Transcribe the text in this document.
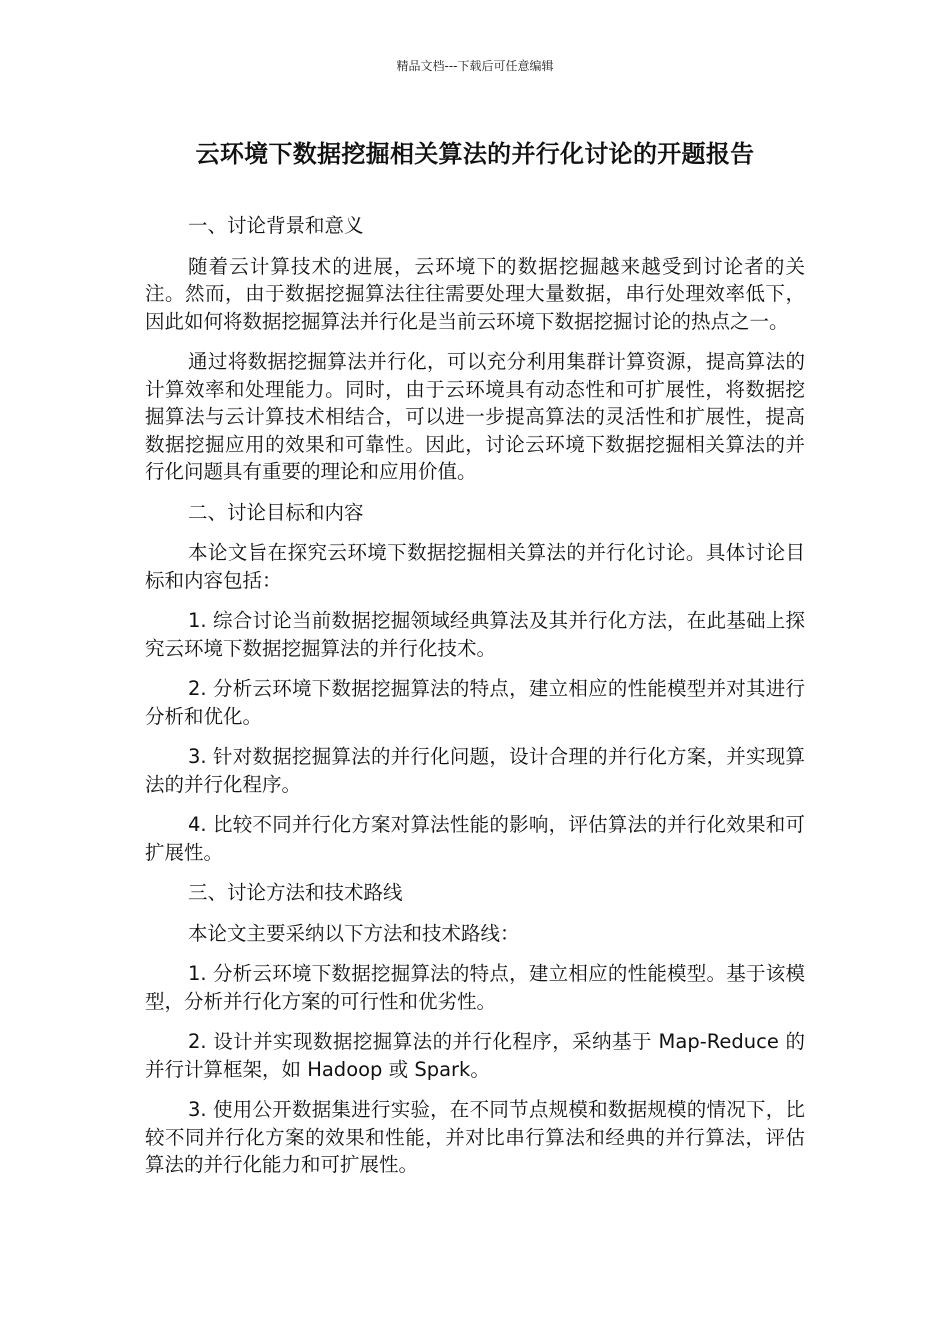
精品文档---下载后可任意编辑
云环境下数据挖掘相关算法的并行化讨论的开题报告
一、讨论背景和意义

随着云计算技术的进展，云环境下的数据挖掘越来越受到讨论者的关注。然而，由于数据挖掘算法往往需要处理大量数据，串行处理效率低下，因此如何将数据挖掘算法并行化是当前云环境下数据挖掘讨论的热点之一。

通过将数据挖掘算法并行化，可以充分利用集群计算资源，提高算法的计算效率和处理能力。同时，由于云环境具有动态性和可扩展性，将数据挖掘算法与云计算技术相结合，可以进一步提高算法的灵活性和扩展性，提高数据挖掘应用的效果和可靠性。因此，讨论云环境下数据挖掘相关算法的并行化问题具有重要的理论和应用价值。

二、讨论目标和内容

本论文旨在探究云环境下数据挖掘相关算法的并行化讨论。具体讨论目标和内容包括：

1. 综合讨论当前数据挖掘领域经典算法及其并行化方法，在此基础上探究云环境下数据挖掘算法的并行化技术。

2. 分析云环境下数据挖掘算法的特点，建立相应的性能模型并对其进行分析和优化。

3. 针对数据挖掘算法的并行化问题，设计合理的并行化方案，并实现算法的并行化程序。

4. 比较不同并行化方案对算法性能的影响，评估算法的并行化效果和可扩展性。

三、讨论方法和技术路线

本论文主要采纳以下方法和技术路线：

1. 分析云环境下数据挖掘算法的特点，建立相应的性能模型。基于该模型，分析并行化方案的可行性和优劣性。

2. 设计并实现数据挖掘算法的并行化程序，采纳基于 Map-Reduce 的并行计算框架，如 Hadoop 或 Spark。

3. 使用公开数据集进行实验，在不同节点规模和数据规模的情况下，比较不同并行化方案的效果和性能，并对比串行算法和经典的并行算法，评估算法的并行化能力和可扩展性。
